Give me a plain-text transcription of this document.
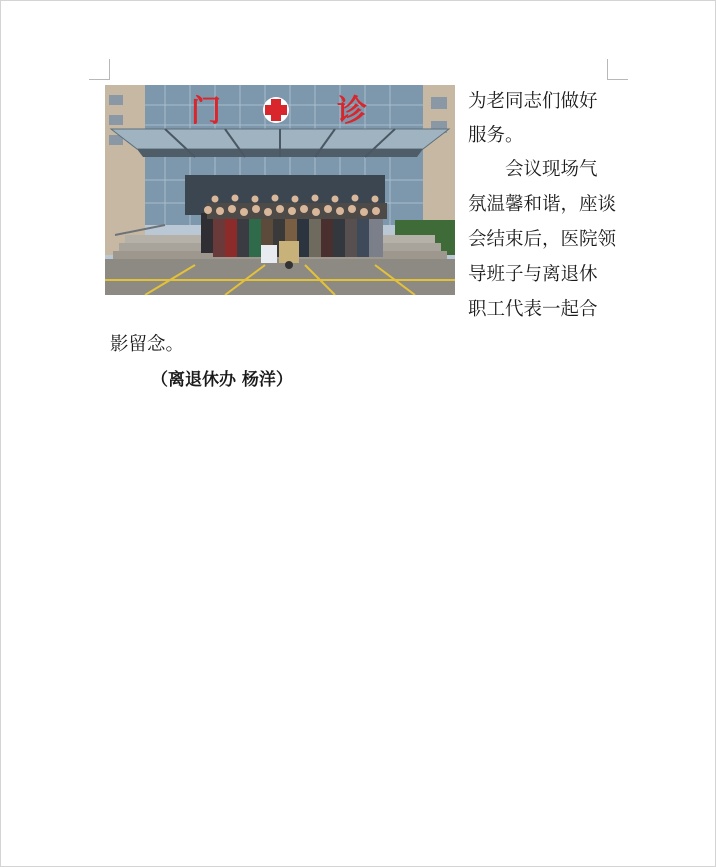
门	诊	为老同志们做好
服务。
会议现场气
氛温馨和谐，座谈
会结束后，医院领
导班子与离退休
职工代表一起合
影留念。
（离退休办 杨洋）
